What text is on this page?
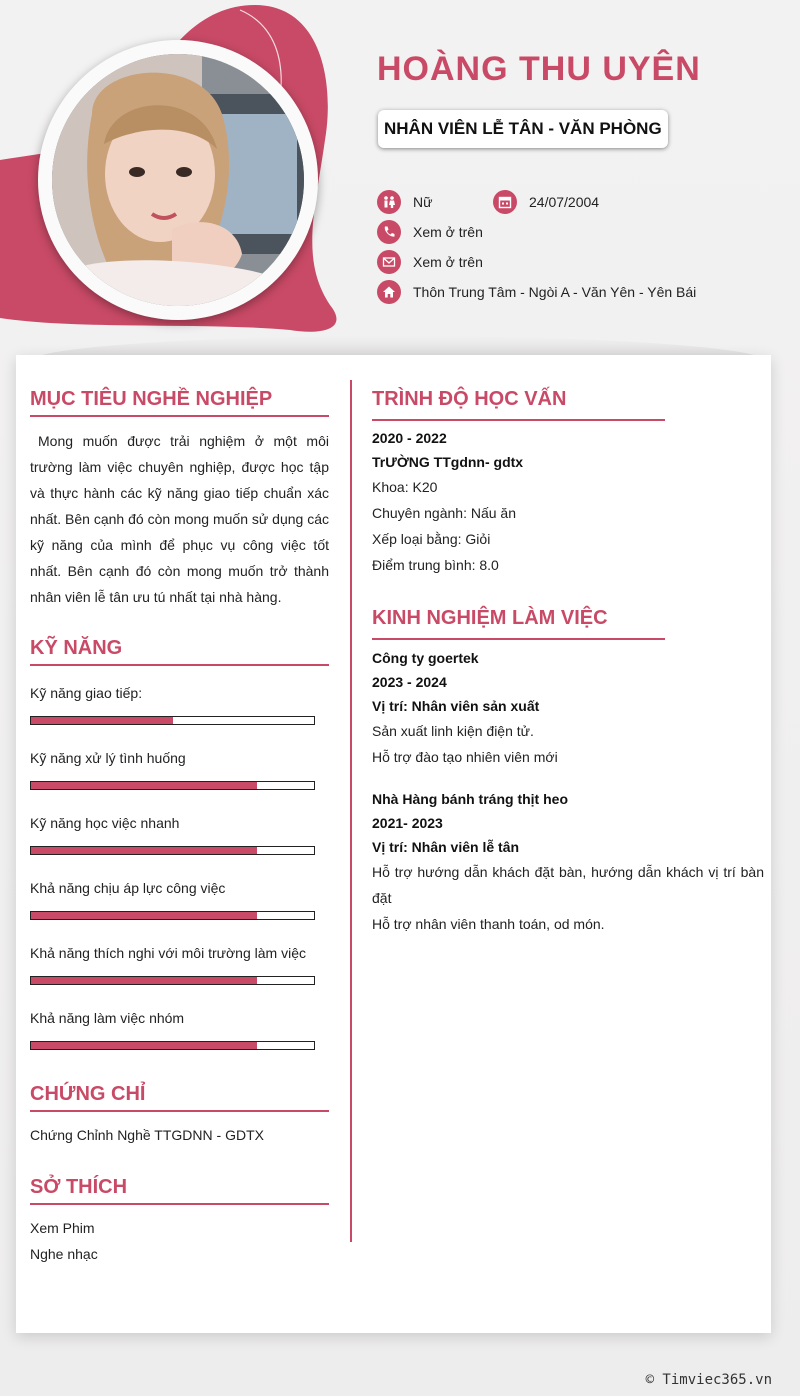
HOÀNG THU UYÊN
NHÂN VIÊN LỄ TÂN - VĂN PHÒNG
Nữ	24/07/2004
Xem ở trên
Xem ở trên
Thôn Trung Tâm - Ngòi A - Văn Yên - Yên Bái
MỤC TIÊU NGHỀ NGHIỆP
Mong muốn được trải nghiệm ở một môi trường làm việc chuyên nghiệp, được học tập và thực hành các kỹ năng giao tiếp chuẩn xác nhất. Bên cạnh đó còn mong muốn sử dụng các kỹ năng của mình để phục vụ công việc tốt nhất. Bên cạnh đó còn mong muốn trở thành nhân viên lễ tân ưu tú nhất tại nhà hàng.
KỸ NĂNG
Kỹ năng giao tiếp:
Kỹ năng xử lý tình huống
Kỹ năng học việc nhanh
Khả năng chịu áp lực công việc
Khả năng thích nghi với môi trường làm việc
Khả năng làm việc nhóm
CHỨNG CHỈ
Chứng Chỉnh Nghề TTGDNN - GDTX
SỞ THÍCH
Xem Phim
Nghe nhạc
TRÌNH ĐỘ HỌC VẤN
2020 - 2022
TrƯỜNG TTgdnn- gdtx
Khoa: K20
Chuyên ngành: Nấu ăn
Xếp loại bằng: Giỏi
Điểm trung bình: 8.0
KINH NGHIỆM LÀM VIỆC
Công ty goertek
2023 - 2024
Vị trí: Nhân viên sản xuất
Sản xuất linh kiện điện tử.
Hỗ trợ đào tạo nhiên viên mới
Nhà Hàng bánh tráng thịt heo
2021- 2023
Vị trí: Nhân viên lễ tân
Hỗ trợ hướng dẫn khách đặt bàn, hướng dẫn khách vị trí bàn đặt
Hỗ trợ nhân viên thanh toán, od món.
© Timviec365.vn
